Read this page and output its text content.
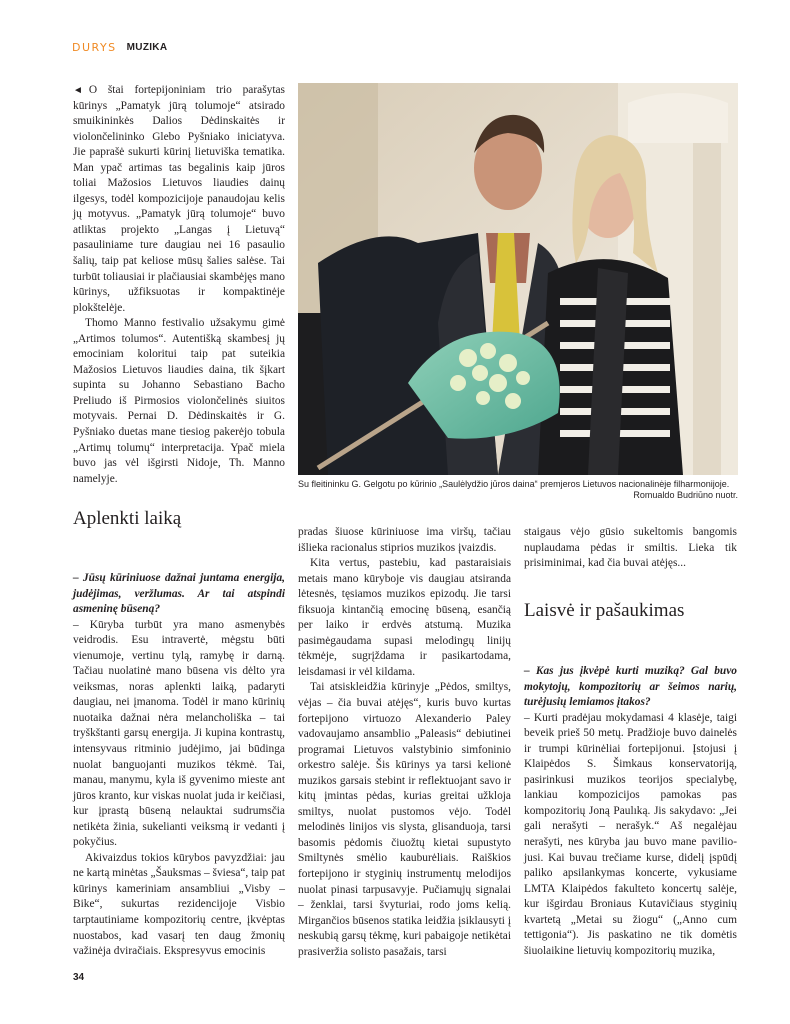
DURYS MUZIKA

◄ O štai fortepijoniniam trio parašytas kūrinys „Pamatyk jūrą tolumoje“ atsirado smuikininkės Dalios Dėdinskaitės ir violončelininko Glebo Pyšniako iniciatyva. Jie paprašė sukurti kūrinį lietuviška tematika. Man ypač artimas tas begalinis kaip jūros toliai Mažosios Lietuvos liaudies dainų ilgesys, todėl kompozicijoje panaudojau kelis jų motyvus. „Pamatyk jūrą tolumoje“ buvo atliktas projekto „Langas į Lietuvą“ pasauliniame ture daugiau nei 16 pasaulio šalių, taip pat keliose mūsų šalies salėse. Tai turbūt toliausiai ir plačiausiai skambėjęs mano kūrinys, užfiksuotas ir kompaktinėje plokštelėje.

Thomo Manno festivalio užsakymu gimė „Artimos tolumos“. Autentišką skambesį jų emociniam koloritui taip pat suteikia Mažosios Lietuvos liaudies daina, tik šįkart supinta su Johanno Sebastiano Bacho Preliudo iš Pirmosios violončelinės siuitos motyvais. Pernai D. Dėdinskaitės ir G. Pyšniako duetas mane tiesiog pakerėjo tobula „Artimų tolumų“ interpretacija. Ypač miela buvo jas vėl išgirsti Nidoje, Th. Manno namelyje.	Su fleitininku G. Gelgotu po kūrinio „Saulėlydžio jūros daina“ premjeros Lietuvos nacionalinėje filharmonijoje.
Romualdo Budriūno nuotr.
Aplenkti laiką

– Jūsų kūriniuose dažnai juntama energija, judėjimas, veržlumas. Ar tai atspindi asmeninę būseną?

– Kūryba turbūt yra mano asmenybės veidrodis. Esu intravertė, mėgstu būti vienumoje, vertinu tylą, ramybę ir darną. Tačiau nuolatinė mano būsena vis dėlto yra veiksmas, noras aplenkti laiką, padaryti daugiau, nei įmanoma. Todėl ir mano kūrinių nuotaika dažnai nėra melancholiška – tai tryškštanti garsų energija. Ji kupina kontrastų, intensyvaus ritminio judėjimo, jai būdinga nuolat banguojanti muzikos tėkmė. Tai, manau, manymu, kyla iš gyvenimo mieste ant jūros kranto, kur viskas nuolat juda ir keičiasi, kur įprastą būseną nelauktai sudrumsčia netikėta žinia, sukelianti veiksmą ir vedanti į pokyčius.

Akivaizdus tokios kūrybos pavyzdžiai: jau ne kartą minėtas „Šauksmas – šviesa“, taip pat kūrinys kameriniam ansambliui „Visby – Bike“, sukurtas rezidencijoje Visbio tarptautiniame kompozitorių centre, įkvėptas nuostabos, kad vasarį ten daug žmonių važinėja dviračiais. Ekspresyvus emocinis

pradas šiuose kūriniuose ima viršų, tačiau išlieka racionalus stiprios muzikos įvaizdis.

Kita vertus, pastebiu, kad pastaraisiais metais mano kūryboje vis daugiau atsiranda lėtesnės, tęsiamos muzikos epizodų. Jie tarsi fiksuoja kintančią emocinę būseną, esančią per laiko ir erdvės atstumą. Muzika pasimėgaudama supasi melodingų linijų tėkmėje, sugrįždama ir pasikartodama, leisdamasi ir vėl kildama.

Tai atsiskleidžia kūrinyje „Pėdos, smiltys, vėjas – čia buvai atėjęs“, kuris buvo kurtas fortepijono virtuozo Alexanderio Paley vadovaujamo ansamblio „Paleasis“ debiutinei programai Lietuvos valstybinio simfoninio orkestro salėje. Šis kūrinys ya tarsi kelionė muzikos garsais stebint ir reflektuojant savo ir kitų įmintas pėdas, kurias greitai užkloja smiltys, nuolat pustomos vėjo. Todėl melodinės linijos vis slysta, glisanduoja, tarsi basomis pėdomis čiuožtų kietai supustyto Smiltynės smėlio kauburėliais. Raiškios fortepijono ir styginių instrumentų melodijos nuolat pinasi tarpusavyje. Pučiamųjų signalai – ženklai, tarsi švyturiai, rodo joms kelią. Mirgančios būsenos statika leidžia įsiklausyti į neskubią garsų tėkmę, kuri pabaigoje netikėtai prasiveržia solisto pasažais, tarsi

staigaus vėjo gūsio sukeltomis bangomis nuplaudama pėdas ir smiltis. Lieka tik prisiminimai, kad čia buvai atėjęs...

Laisvė ir pašaukimas

– Kas jus įkvėpė kurti muziką? Gal buvo mokytojų, kompozitorių ar šeimos narių, turėjusių lemiamos įtakos?

– Kurti pradėjau mokydamasi 4 klasėje, taigi beveik prieš 50 metų. Pradžioje buvo dainelės ir trumpi kūrinėliai fortepijonui. Įstojusi į Klaipėdos S. Šimkaus konservatoriją, pasirinkusi muzikos teorijos specialybę, lankiau kompozicijos pamokas pas kompozitorių Joną Paulıką. Jis sakydavo: „Jei gali nerašyti – nerašyk.“ Aš negalėjau nerašyti, nes kūryba jau buvo mane paviliojusi. Kai buvau trečiame kurse, didelį įspūdį paliko apsilankymas koncerte, vykusiame LMTA Klaipėdos fakulteto koncertų salėje, kur išgirdau Broniaus Kutavičiaus styginių kvartetą „Metai su žiogu“ („Anno cum tettigonia“). Jis paskatino ne tik domėtis šiuolaikine lietuvių kompozitorių muzika,

34
